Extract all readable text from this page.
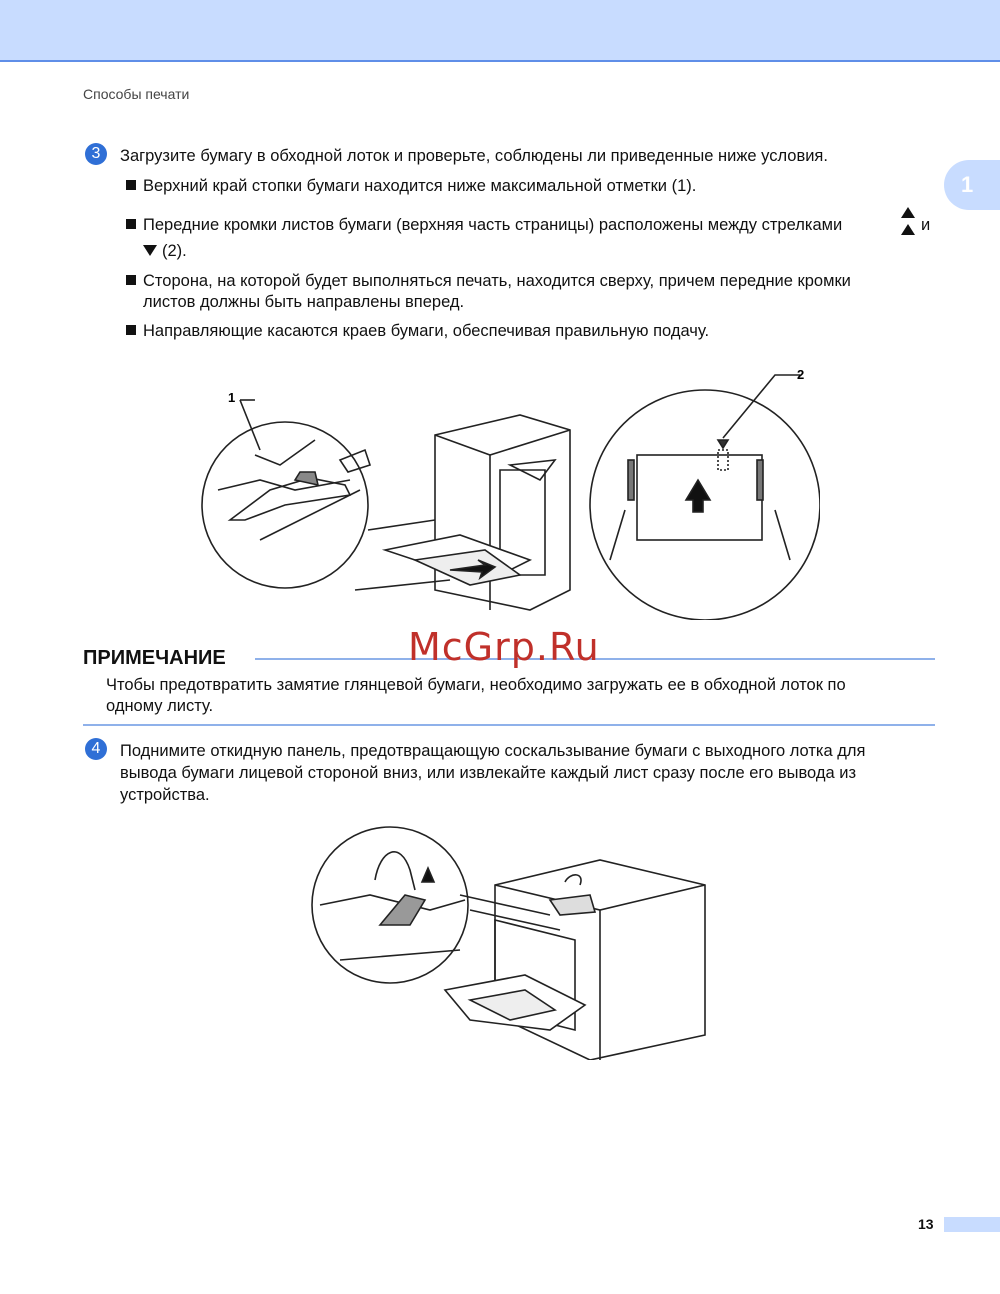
Способы печати
1
3	Загрузите бумагу в обходной лоток и проверьте, соблюдены ли приведенные ниже условия.
Верхний край стопки бумаги находится ниже максимальной отметки (1).
Передние кромки листов бумаги (верхняя часть страницы) расположены между стрелками	и
(2).
Сторона, на которой будет выполняться печать, находится сверху, причем передние кромки
листов должны быть направлены вперед.
Направляющие касаются краев бумаги, обеспечивая правильную подачу.
2
1
ПРИМЕЧАНИЕ	McGrp.Ru
Чтобы предотвратить замятие глянцевой бумаги, необходимо загружать ее в обходной лоток по
одному листу.
4	Поднимите откидную панель, предотвращающую соскальзывание бумаги с выходного лотка для
вывода бумаги лицевой стороной вниз, или извлекайте каждый лист сразу после его вывода из
устройства.
13
